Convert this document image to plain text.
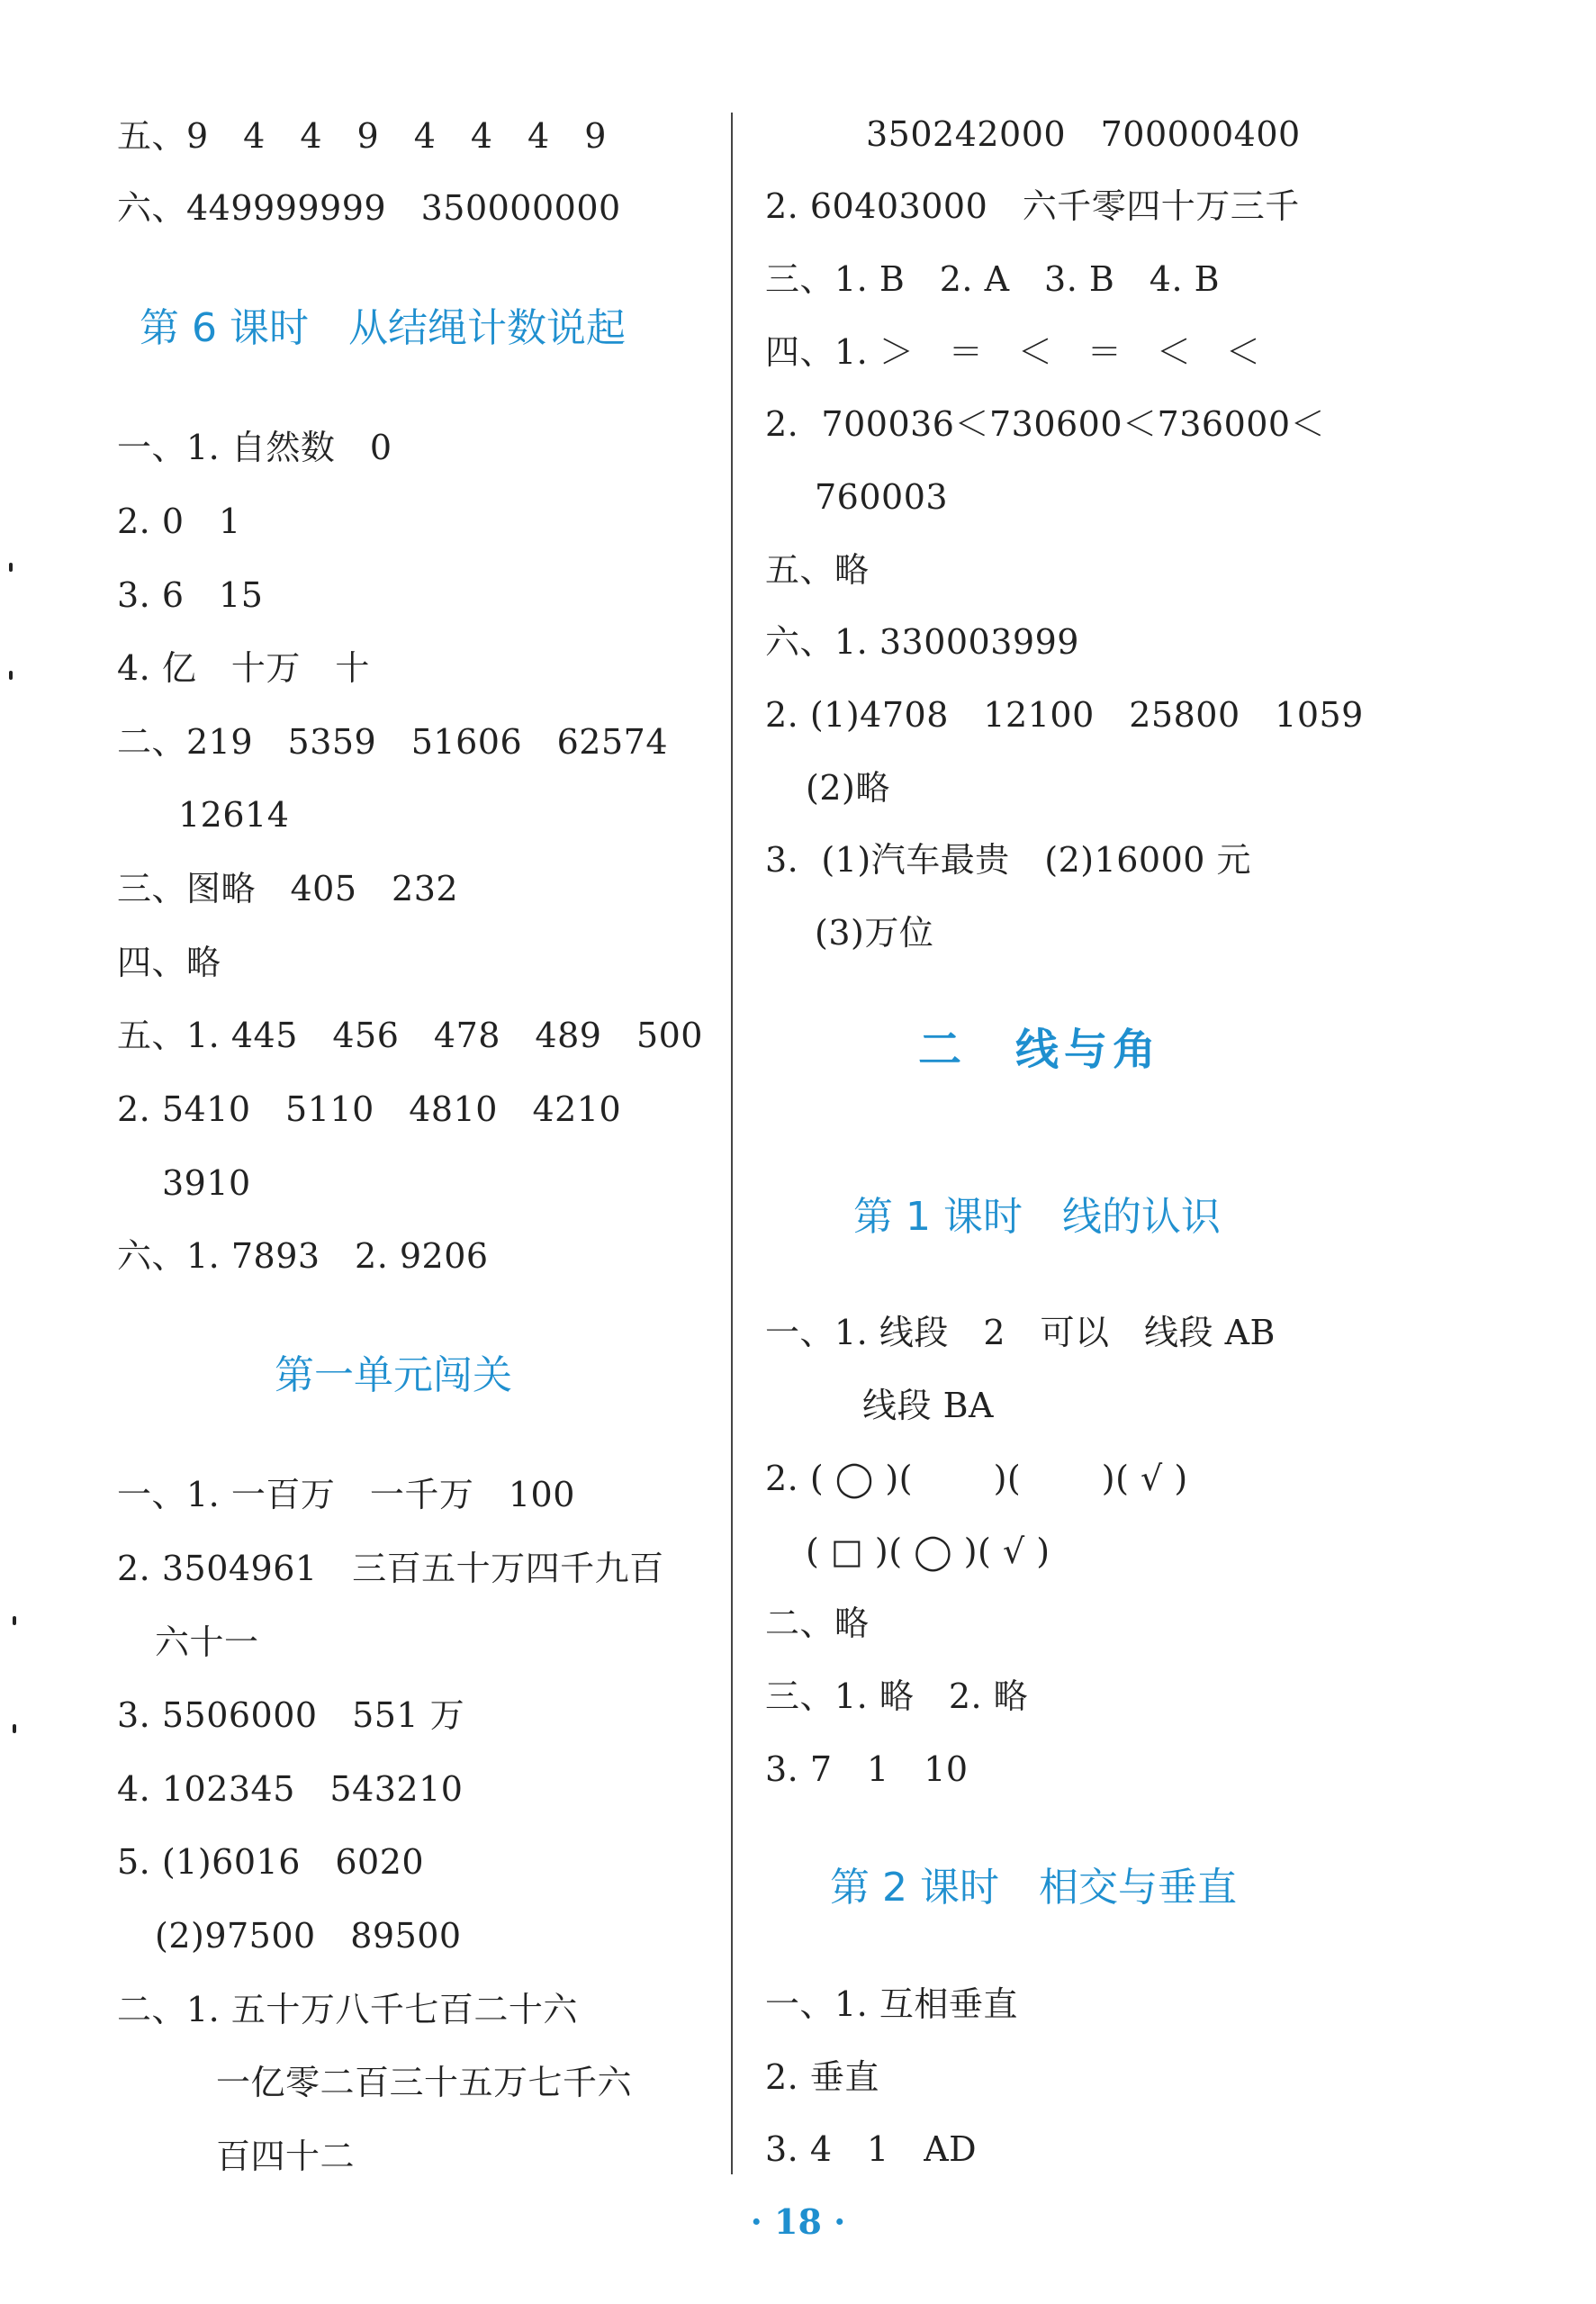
五、9　4　4　9　4　4　4　9
六、449999999　350000000
第 6 课时　从结绳计数说起
一、1. 自然数　0
2. 0　1
3. 6　15
4. 亿　十万　十
二、219　5359　51606　62574
12614
三、图略　405　232
四、略
五、1. 445　456　478　489　500
2. 5410　5110　4810　4210
3910
六、1. 7893　2. 9206
第一单元闯关
一、1. 一百万　一千万　100
2. 3504961　三百五十万四千九百
六十一
3. 5506000　551 万
4. 102345　543210
5. (1)6016　6020
(2)97500　89500
二、1. 五十万八千七百二十六
一亿零二百三十五万七千六
百四十二
350242000　700000400
2. 60403000　六千零四十万三千
三、1. B　2. A　3. B　4. B
四、1. ＞　＝　＜　＝　＜　＜
2.  700036＜730600＜736000＜
760003
五、略
六、1. 330003999
2. (1)4708　12100　25800　1059
(2)略
3.  (1)汽车最贵　(2)16000 元
(3)万位
二　线与角
第 1 课时　线的认识
一、1. 线段　2　可以　线段 AB
线段 BA
2. ( ◯ )(　　 )(　　 )( √ )
( □ )( ◯ )( √ )
二、略
三、1. 略　2. 略
3. 7　1　10
第 2 课时　相交与垂直
一、1. 互相垂直
2. 垂直
3. 4　1　AD
· 18 ·
